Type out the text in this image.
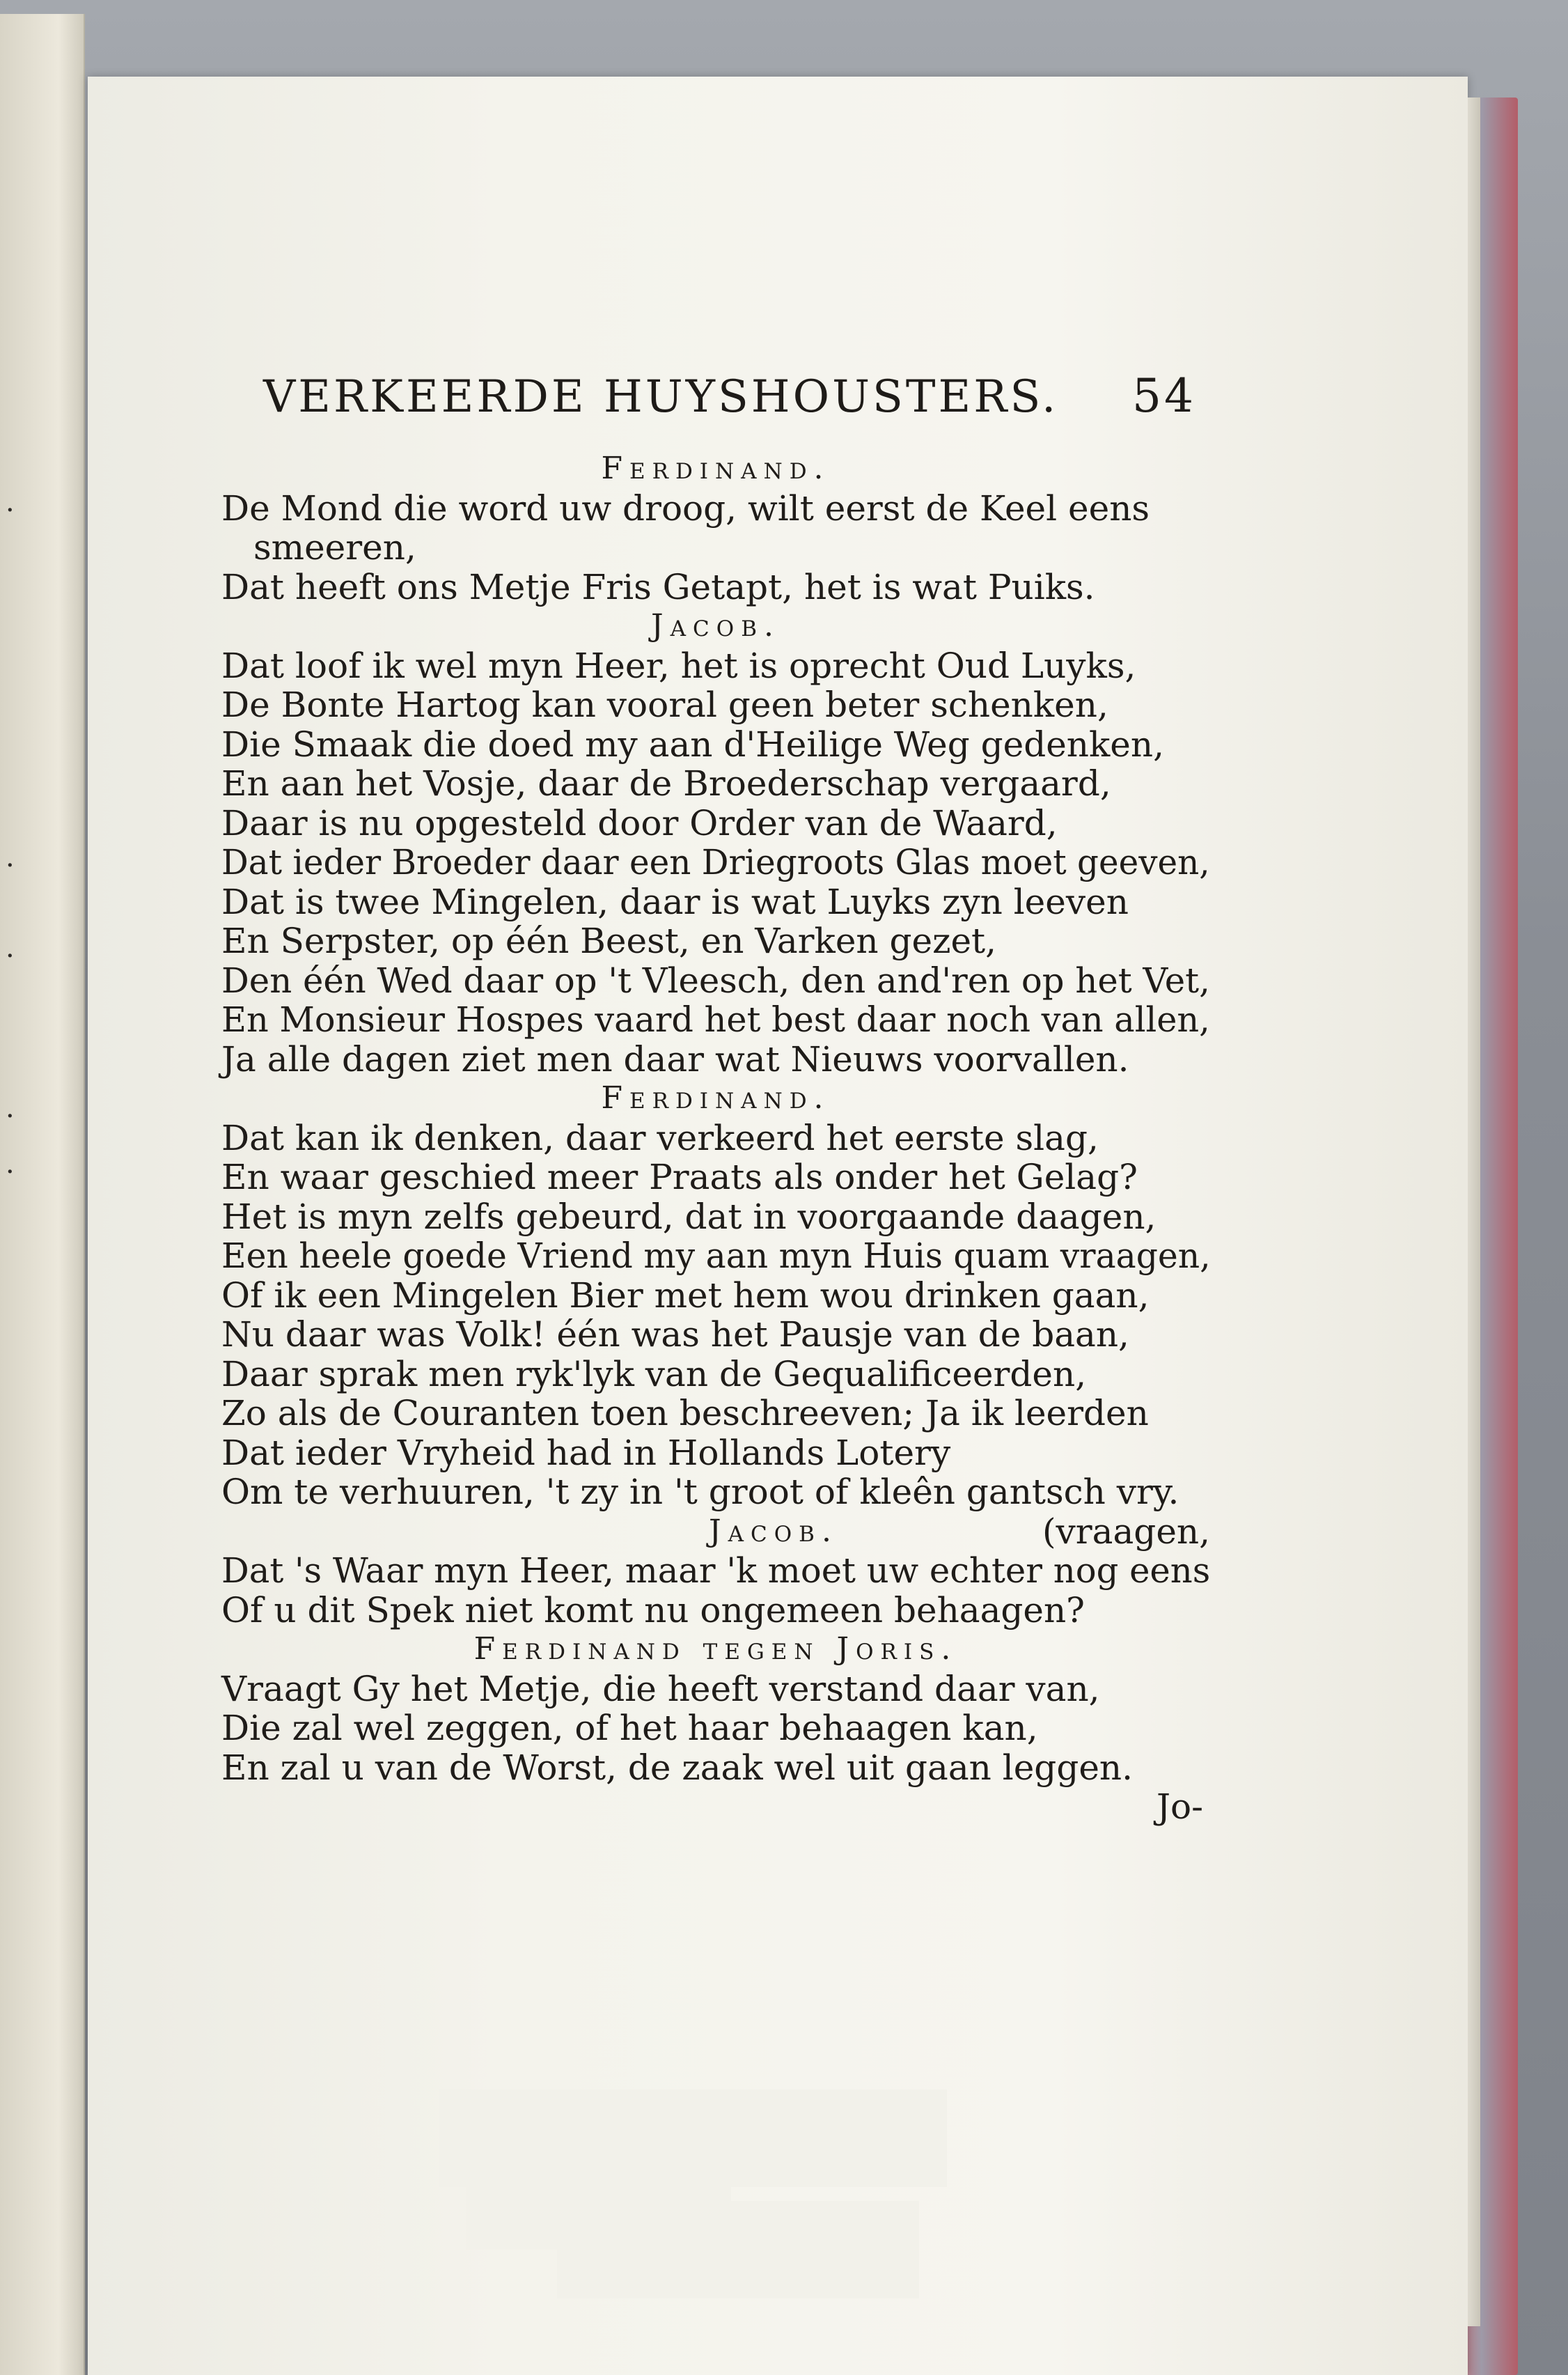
·
·
·
·
·
VERKEERDE HUYSHOUSTERS. 54
Ferdinand.
De Mond die word uw droog, wilt eerst de Keel eens
smeeren,
Dat heeft ons Metje Fris Getapt, het is wat Puiks.
Jacob.
Dat loof ik wel myn Heer, het is oprecht Oud Luyks,
De Bonte Hartog kan vooral geen beter schenken,
Die Smaak die doed my aan d'Heilige Weg gedenken,
En aan het Vosje, daar de Broederschap vergaard,
Daar is nu opgesteld door Order van de Waard,
Dat ieder Broeder daar een Driegroots Glas moet geeven,
Dat is twee Mingelen, daar is wat Luyks zyn leeven
En Serpster, op één Beest, en Varken gezet,
Den één Wed daar op 't Vleesch, den and'ren op het Vet,
En Monsieur Hospes vaard het best daar noch van allen,
Ja alle dagen ziet men daar wat Nieuws voorvallen.
Ferdinand.
Dat kan ik denken, daar verkeerd het eerste slag,
En waar geschied meer Praats als onder het Gelag?
Het is myn zelfs gebeurd, dat in voorgaande daagen,
Een heele goede Vriend my aan myn Huis quam vraagen,
Of ik een Mingelen Bier met hem wou drinken gaan,
Nu daar was Volk! één was het Pausje van de baan,
Daar sprak men ryk'lyk van de Gequalificeerden,
Zo als de Couranten toen beschreeven; Ja ik leerden
Dat ieder Vryheid had in Hollands Lotery
Om te verhuuren, 't zy in 't groot of kleên gantsch vry.
Jacob.	(vraagen,
Dat 's Waar myn Heer, maar 'k moet uw echter nog eens
Of u dit Spek niet komt nu ongemeen behaagen?
Ferdinand tegen Joris.
Vraagt Gy het Metje, die heeft verstand daar van,
Die zal wel zeggen, of het haar behaagen kan,
En zal u van de Worst, de zaak wel uit gaan leggen.
Jo-
